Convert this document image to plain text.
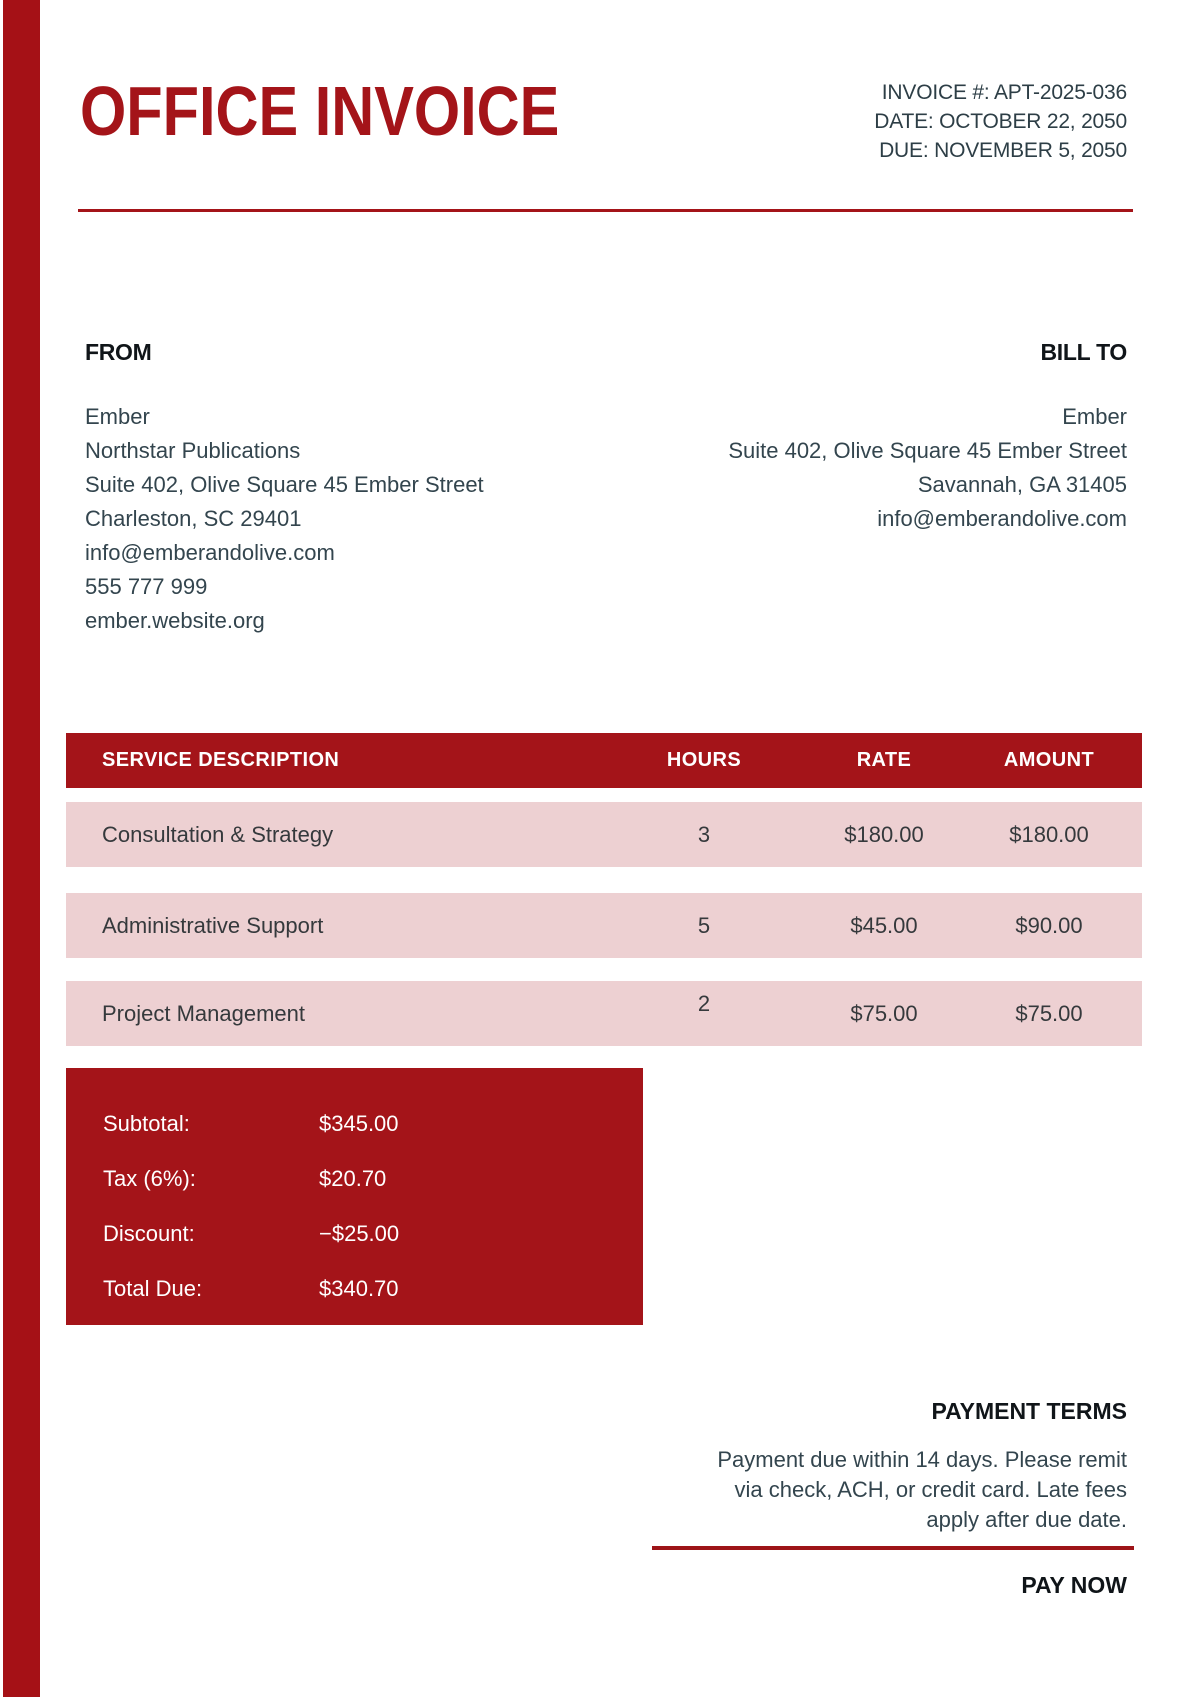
OFFICE INVOICE	INVOICE #: APT-2025-036
DATE: OCTOBER 22, 2050
DUE: NOVEMBER 5, 2050
FROM
Ember
Northstar Publications
Suite 402, Olive Square 45 Ember Street
Charleston, SC 29401
info@emberandolive.com
555 777 999
ember.website.org
BILL TO
Ember
Suite 402, Olive Square 45 Ember Street
Savannah, GA 31405
info@emberandolive.com
SERVICE DESCRIPTION	HOURS	RATE	AMOUNT
Consultation & Strategy	3	$180.00	$180.00
Administrative Support	5	$45.00	$90.00
Project Management	2	$75.00	$75.00
Subtotal:	$345.00
Tax (6%):	$20.70
Discount:	−$25.00
Total Due:	$340.70
PAYMENT TERMS
Payment due within 14 days. Please remit
via check, ACH, or credit card. Late fees
apply after due date.
PAY NOW
